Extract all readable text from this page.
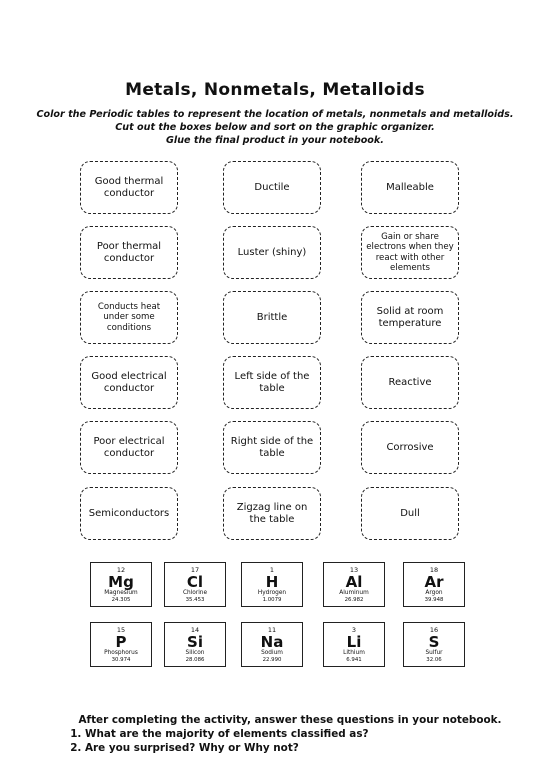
Metals, Nonmetals, Metalloids
Color the Periodic tables to represent the location of metals, nonmetals and metalloids.
Cut out the boxes below and sort on the graphic organizer.
Glue the final product in your notebook.
Good thermal conductor
Ductile	Malleable
Poor thermal conductor
Luster (shiny)
Gain or share electrons when they react with other elements
Conducts heat under some conditions
Brittle
Solid at room temperature
Good electrical conductor
Left side of the table
Reactive
Poor electrical conductor
Right side of the table
Corrosive
Semiconductors
Zigzag line on the table
Dull
12
Mg
Magnesium
24.305
17
Cl
Chlorine
35.453
1
H
Hydrogen
1.0079
13
Al
Aluminum
26.982
18
Ar
Argon
39.948
15
P
Phosphorus
30.974
14
Si
Silicon
28.086
11
Na
Sodium
22.990
3
Li
Lithium
6.941
16
S
Sulfur
32.06
After completing the activity, answer these questions in your notebook.
1. What are the majority of elements classified as?
2. Are you surprised? Why or Why not?
